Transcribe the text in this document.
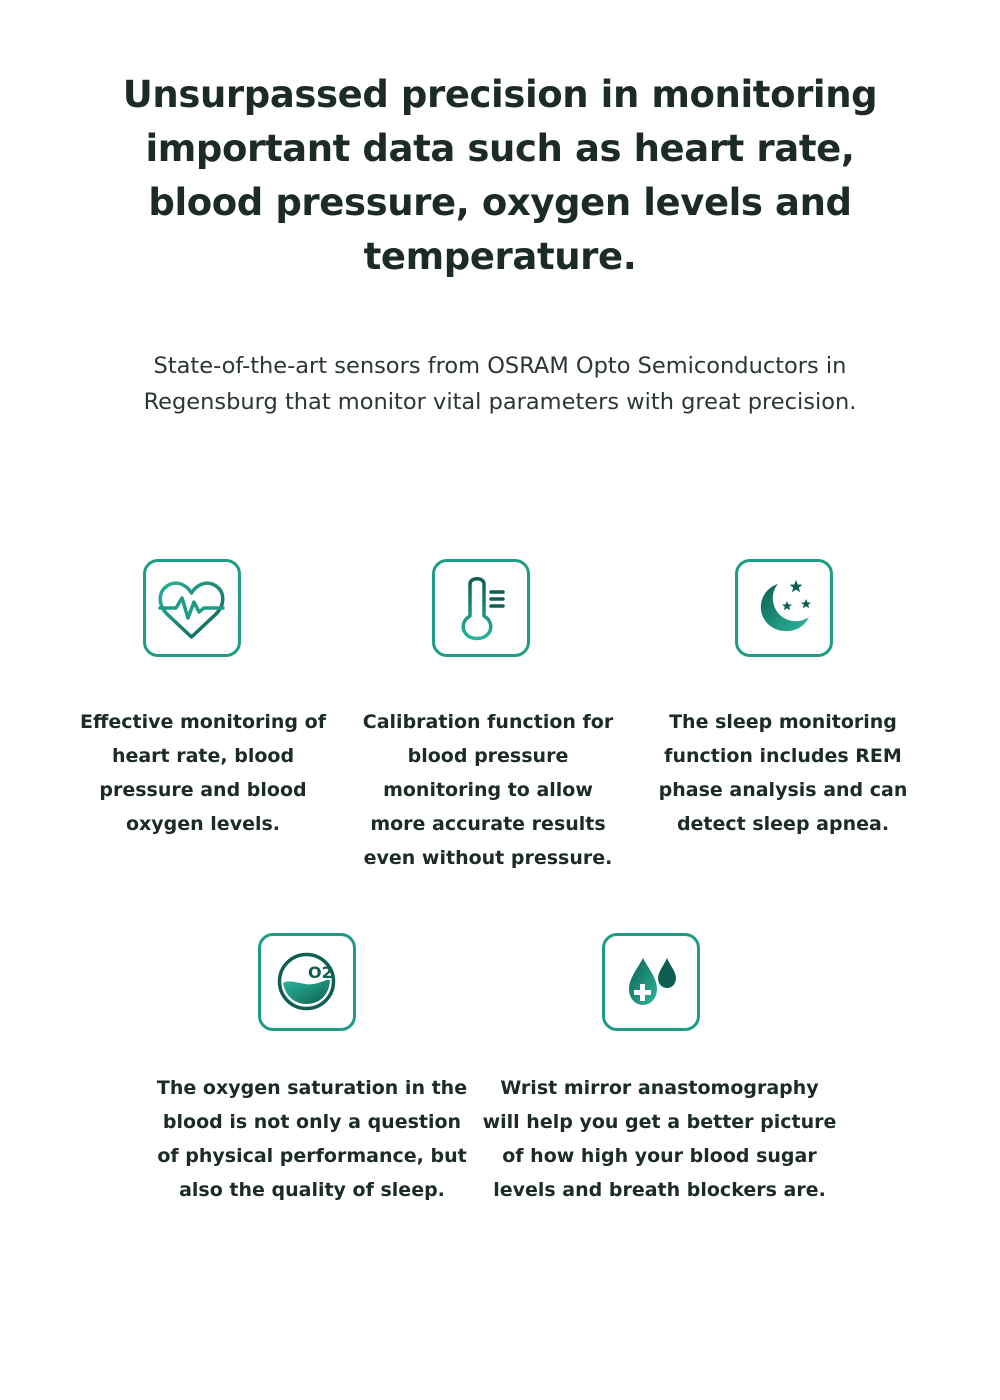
Unsurpassed precision in monitoring important data such as heart rate, blood pressure, oxygen levels and temperature.

State-of-the-art sensors from OSRAM Opto Semiconductors in Regensburg that monitor vital parameters with great precision.

Effective monitoring of heart rate, blood pressure and blood oxygen levels.

Calibration function for blood pressure monitoring to allow more accurate results even without pressure.

The sleep monitoring function includes REM phase analysis and can detect sleep apnea.

O2

The oxygen saturation in the blood is not only a question of physical performance, but also the quality of sleep.

Wrist mirror anastomography will help you get a better picture of how high your blood sugar levels and breath blockers are.
